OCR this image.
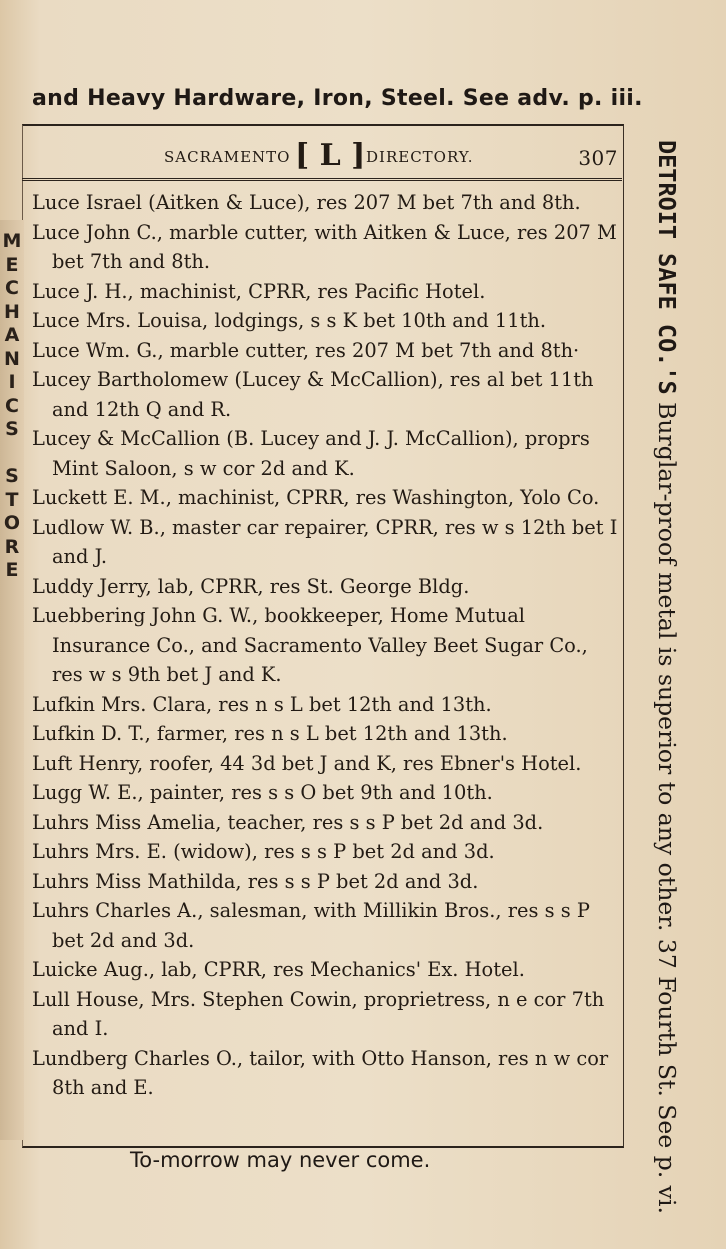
and Heavy Hardware, Iron, Steel. See adv. p. iii.
SACRAMENTO [ L ] DIRECTORY.	307

Luce Israel (Aitken & Luce), res 207 M bet 7th and 8th.

Luce John C., marble cutter, with Aitken & Luce, res 207 M bet 7th and 8th.

Luce J. H., machinist, CPRR, res Pacific Hotel.

Luce Mrs. Louisa, lodgings, s s K bet 10th and 11th.

Luce Wm. G., marble cutter, res 207 M bet 7th and 8th·

Lucey Bartholomew (Lucey & McCallion), res al bet 11th and 12th Q and R.

Lucey & McCallion (B. Lucey and J. J. McCallion), proprs Mint Saloon, s w cor 2d and K.

Luckett E. M., machinist, CPRR, res Washington, Yolo Co.

Ludlow W. B., master car repairer, CPRR, res w s 12th bet I and J.

Luddy Jerry, lab, CPRR, res St. George Bldg.

Luebbering John G. W., bookkeeper, Home Mutual Insurance Co., and Sacramento Valley Beet Sugar Co., res w s 9th bet J and K.

Lufkin Mrs. Clara, res n s L bet 12th and 13th.

Lufkin D. T., farmer, res n s L bet 12th and 13th.

Luft Henry, roofer, 44 3d bet J and K, res Ebner's Hotel.

Lugg W. E., painter, res s s O bet 9th and 10th.

Luhrs Miss Amelia, teacher, res s s P bet 2d and 3d.

Luhrs Mrs. E. (widow), res s s P bet 2d and 3d.

Luhrs Miss Mathilda, res s s P bet 2d and 3d.

Luhrs Charles A., salesman, with Millikin Bros., res s s P bet 2d and 3d.

Luicke Aug., lab, CPRR, res Mechanics' Ex. Hotel.

Lull House, Mrs. Stephen Cowin, proprietress, n e cor 7th and I.

Lundberg Charles O., tailor, with Otto Hanson, res n w cor 8th and E.

To-morrow may never come.
M
E
C
H
A
N
I
C
S

S
T
O
R
E
DETROIT SAFE CO.'S Burglar-proof metal is superior to any other. 37 Fourth St. See p. vi.
